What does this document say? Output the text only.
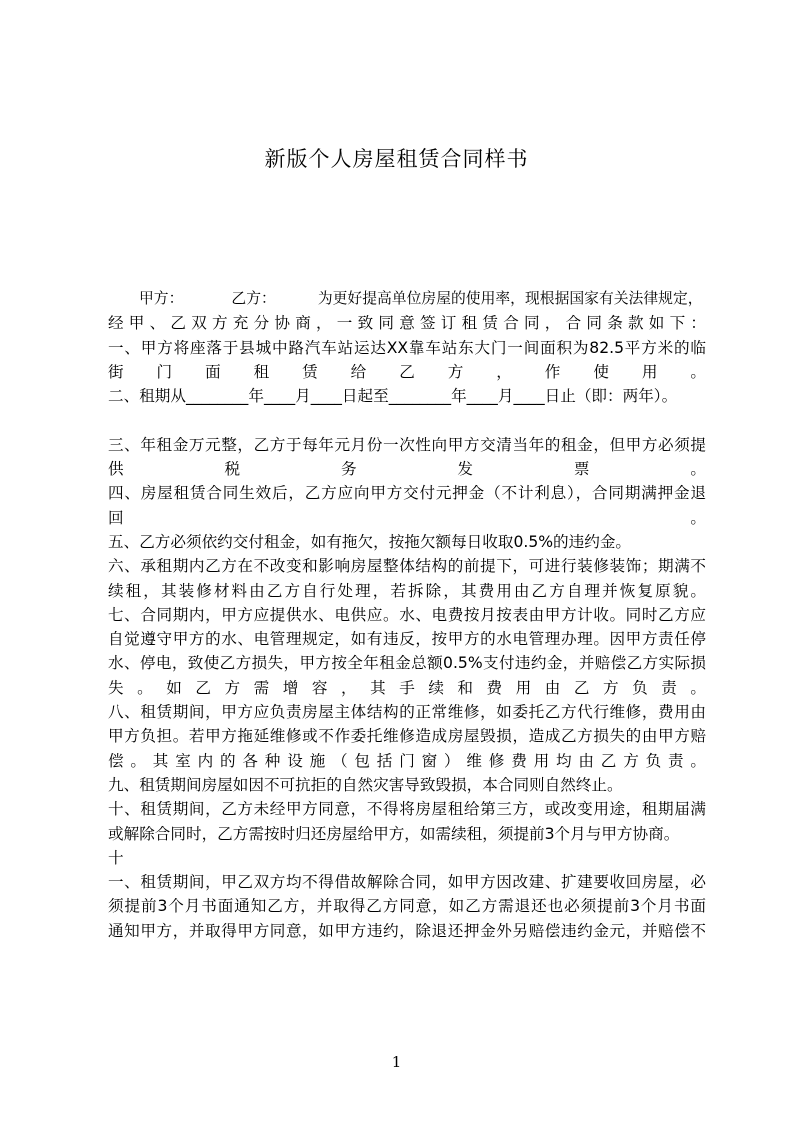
新版个人房屋租赁合同样书
甲方：	乙方：	为更好提高单位房屋的使用率，现根据国家有关法律规定，
经甲、乙双方充分协商，一致同意签订租赁合同，合同条款如下：
一、甲方将座落于县城中路汽车站运达XX靠车站东大门一间面积为82.5平方米的临
街门面租赁给乙方，作使用。
二、租期从________年____月____日起至________年____月____日止（即：两年）。
三、年租金万元整，乙方于每年元月份一次性向甲方交清当年的租金，但甲方必须提
供税务发票。
四、房屋租赁合同生效后，乙方应向甲方交付元押金（不计利息），合同期满押金退
回。
五、乙方必须依约交付租金，如有拖欠，按拖欠额每日收取0.5%的违约金。
六、承租期内乙方在不改变和影响房屋整体结构的前提下，可进行装修装饰；期满不
续租，其装修材料由乙方自行处理，若拆除，其费用由乙方自理并恢复原貌。
七、合同期内，甲方应提供水、电供应。水、电费按月按表由甲方计收。同时乙方应
自觉遵守甲方的水、电管理规定，如有违反，按甲方的水电管理办理。因甲方责任停
水、停电，致使乙方损失，甲方按全年租金总额0.5%支付违约金，并赔偿乙方实际损
失。如乙方需增容，其手续和费用由乙方负责。
八、租赁期间，甲方应负责房屋主体结构的正常维修，如委托乙方代行维修，费用由
甲方负担。若甲方拖延维修或不作委托维修造成房屋毁损，造成乙方损失的由甲方赔
偿。其室内的各种设施（包括门窗）维修费用均由乙方负责。
九、租赁期间房屋如因不可抗拒的自然灾害导致毁损，本合同则自然终止。
十、租赁期间，乙方未经甲方同意，不得将房屋租给第三方，或改变用途，租期届满
或解除合同时，乙方需按时归还房屋给甲方，如需续租，须提前3个月与甲方协商。
十
一、租赁期间，甲乙双方均不得借故解除合同，如甲方因改建、扩建要收回房屋，必
须提前3个月书面通知乙方，并取得乙方同意，如乙方需退还也必须提前3个月书面
通知甲方，并取得甲方同意，如甲方违约，除退还押金外另赔偿违约金元，并赔偿不
1
